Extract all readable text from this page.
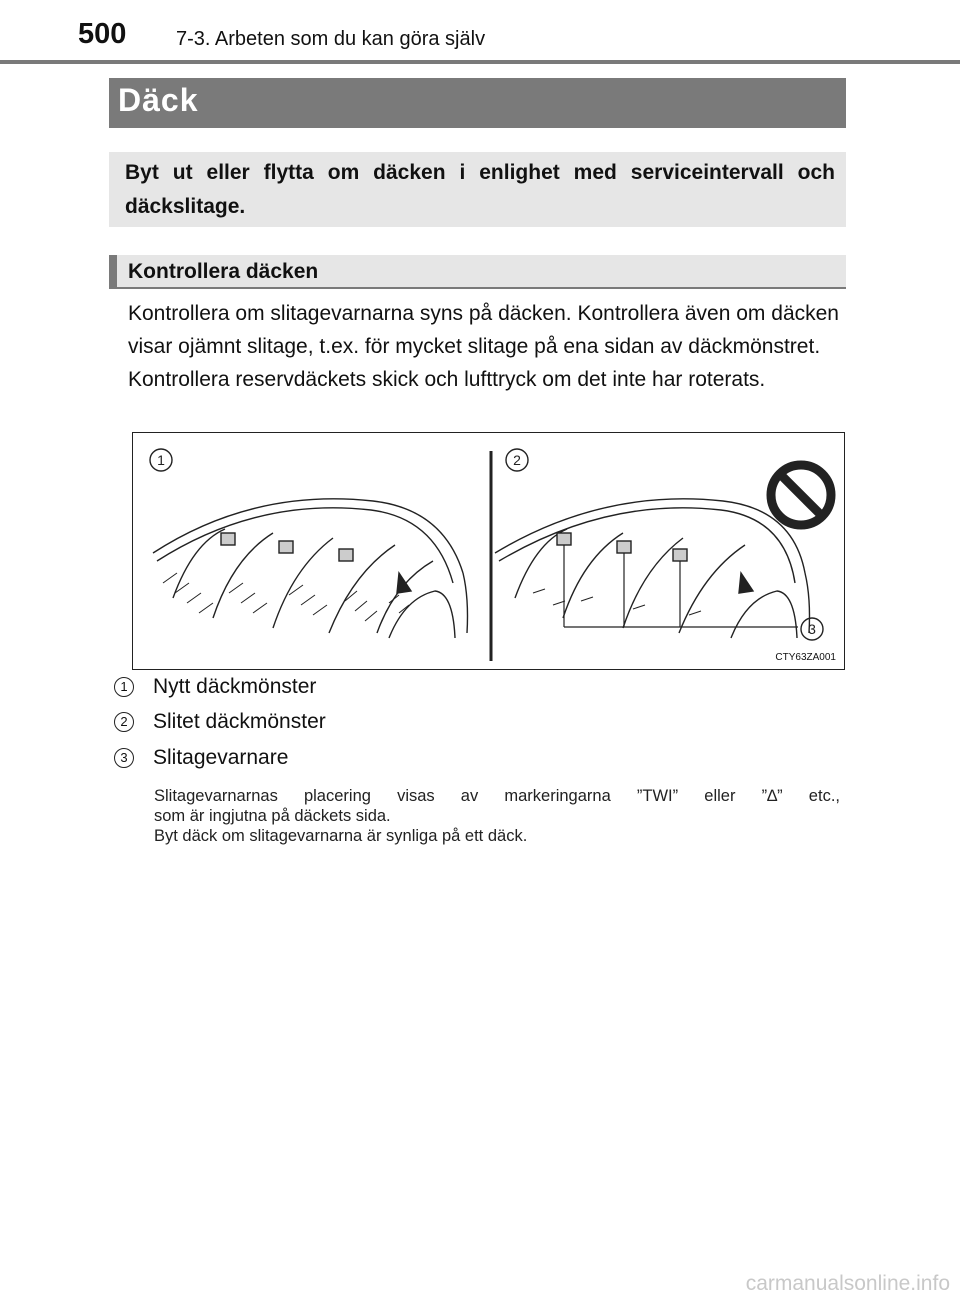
500 7-3. Arbeten som du kan göra själv
Däck
Byt ut eller flytta om däcken i enlighet med serviceintervall och däckslitage.
Kontrollera däcken

Kontrollera om slitagevarnarna syns på däcken. Kontrollera även om däcken visar ojämnt slitage, t.ex. för mycket slitage på ena sidan av däckmönstret.

Kontrollera reservdäckets skick och lufttryck om det inte har roterats.

1	2
3
CTY63ZA001
1	Nytt däckmönster
2	Slitet däckmönster
3	Slitagevarnare

Slitagevarnarnas placering visas av markeringarna ”TWI” eller ”∆” etc.,

som är ingjutna på däckets sida.

Byt däck om slitagevarnarna är synliga på ett däck.

carmanualsonline.info
